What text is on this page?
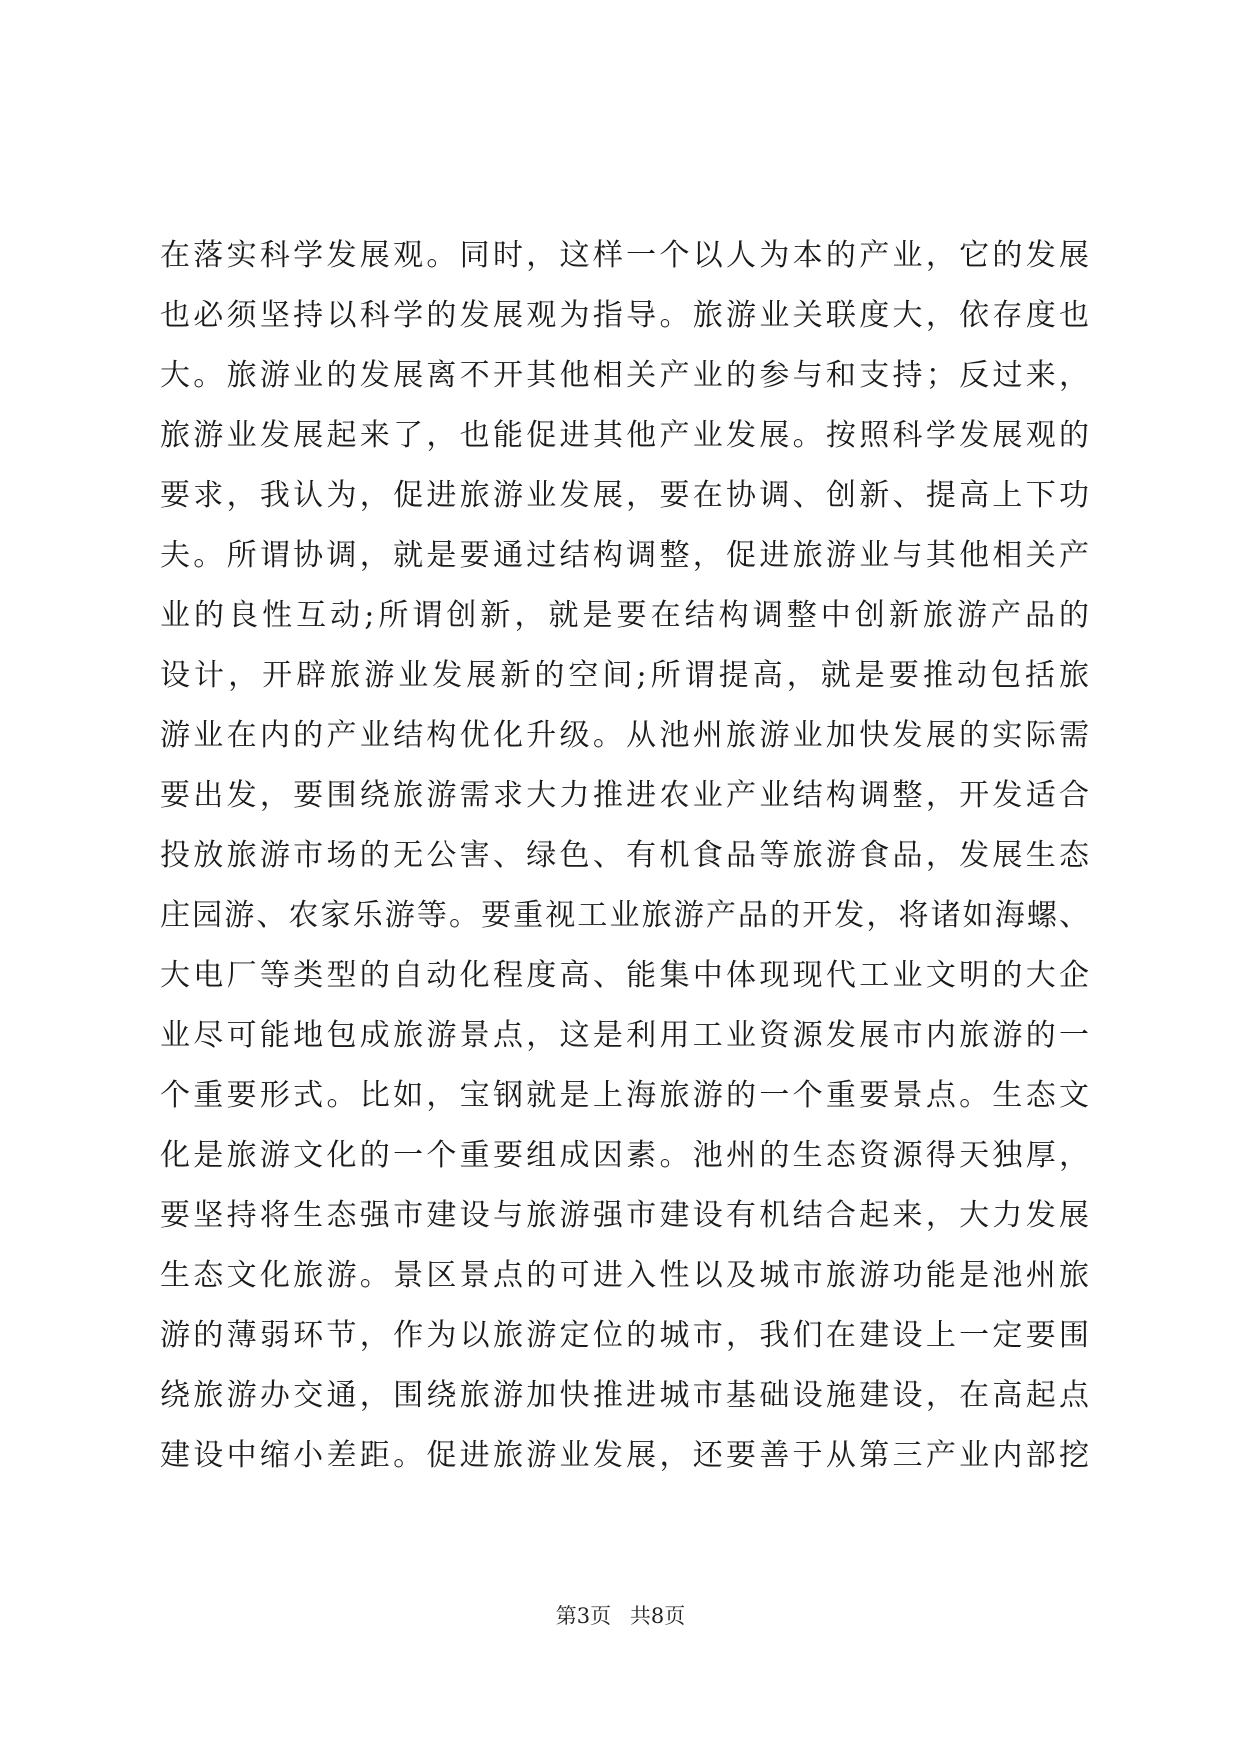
在落实科学发展观。同时，这样一个以人为本的产业，它的发展
也必须坚持以科学的发展观为指导。旅游业关联度大，依存度也
大。旅游业的发展离不开其他相关产业的参与和支持；反过来，
旅游业发展起来了，也能促进其他产业发展。按照科学发展观的
要求，我认为，促进旅游业发展，要在协调、创新、提高上下功
夫。所谓协调，就是要通过结构调整，促进旅游业与其他相关产
业的良性互动;所谓创新，就是要在结构调整中创新旅游产品的
设计，开辟旅游业发展新的空间;所谓提高，就是要推动包括旅
游业在内的产业结构优化升级。从池州旅游业加快发展的实际需
要出发，要围绕旅游需求大力推进农业产业结构调整，开发适合
投放旅游市场的无公害、绿色、有机食品等旅游食品，发展生态
庄园游、农家乐游等。要重视工业旅游产品的开发，将诸如海螺、
大电厂等类型的自动化程度高、能集中体现现代工业文明的大企
业尽可能地包成旅游景点，这是利用工业资源发展市内旅游的一
个重要形式。比如，宝钢就是上海旅游的一个重要景点。生态文
化是旅游文化的一个重要组成因素。池州的生态资源得天独厚，
要坚持将生态强市建设与旅游强市建设有机结合起来，大力发展
生态文化旅游。景区景点的可进入性以及城市旅游功能是池州旅
游的薄弱环节，作为以旅游定位的城市，我们在建设上一定要围
绕旅游办交通，围绕旅游加快推进城市基础设施建设，在高起点
建设中缩小差距。促进旅游业发展，还要善于从第三产业内部挖
第3页 共8页
